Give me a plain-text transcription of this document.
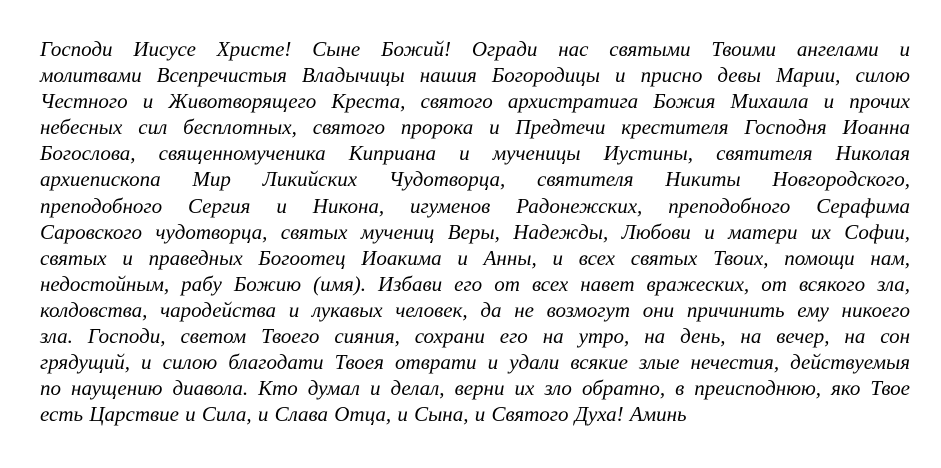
Господи Иисусе Христе! Сыне Божий! Огради нас святыми Твоими ангелами и
молитвами Всепречистыя Владычицы нашия Богородицы и присно девы Марии, силою
Честного и Животворящего Креста, святого архистратига Божия Михаила и прочих
небесных сил бесплотных, святого пророка и Предтечи крестителя Господня Иоанна
Богослова, священномученика Киприана и мученицы Иустины, святителя Николая
архиепископа Мир Ликийских Чудотворца, святителя Никиты Новгородского,
преподобного Сергия и Никона, игуменов Радонежских, преподобного Серафима
Саровского чудотворца, святых мучениц Веры, Надежды, Любови и матери их Софии,
святых и праведных Богоотец Иоакима и Анны, и всех святых Твоих, помощи нам,
недостойным, рабу Божию (имя). Избави его от всех навет вражеских, от всякого зла,
колдовства, чародейства и лукавых человек, да не возмогут они причинить ему никоего
зла. Господи, светом Твоего сияния, сохрани его на утро, на день, на вечер, на сон
грядущий, и силою благодати Твоея отврати и удали всякие злые нечестия, действуемыя
по наущению диавола. Кто думал и делал, верни их зло обратно, в преисподнюю, яко Твое
есть Царствие и Сила, и Слава Отца, и Сына, и Святого Духа! Аминь
